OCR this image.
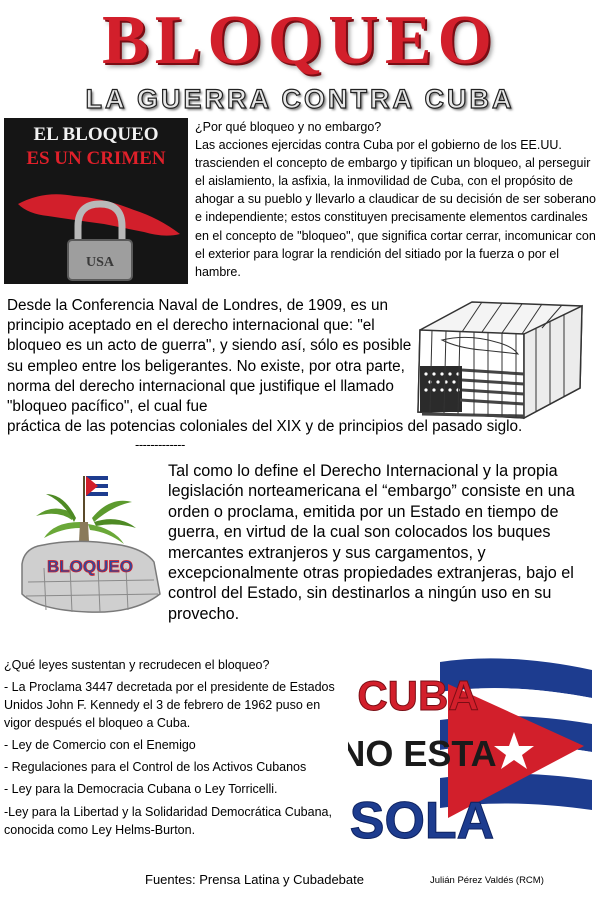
BLOQUEO
LA GUERRA CONTRA CUBA
EL BLOQUEO
ES UN CRIMEN
USA

¿Por qué bloqueo y no embargo?

Las acciones ejercidas contra Cuba por el gobierno de los EE.UU. trascienden el concepto de embargo y tipifican un bloqueo, al perseguir el aislamiento, la asfixia, la inmovilidad de Cuba, con el propósito de ahogar a su pueblo y llevarlo a claudicar de su decisión de ser soberano e independiente; estos constituyen precisamente elementos cardinales en el concepto de "bloqueo", que significa cortar cerrar, incomunicar con el exterior para lograr la rendición del sitiado por la fuerza o por el hambre.

Desde la Conferencia Naval de Londres, de 1909, es un principio aceptado en el derecho internacional que: "el bloqueo es un acto de guerra", y siendo así, sólo es posible su empleo entre los beligerantes. No existe, por otra parte, norma del derecho internacional que justifique el llamado "bloqueo pacífico", el cual fue
práctica de las potencias coloniales del XIX y de principios del pasado siglo.
-------------
BLOQUEO
Tal como lo define el Derecho Internacional y la propia legislación norteamericana el “embargo” consiste en una orden o proclama, emitida por un Estado en tiempo de guerra, en virtud de la cual son colocados los buques mercantes extranjeros y sus cargamentos, y excepcionalmente otras propiedades extranjeras, bajo el control del Estado, sin destinarlos a ningún uso en su provecho.
¿Qué leyes sustentan y recrudecen el bloqueo?
- La Proclama 3447 decretada por el presidente de Estados Unidos John F. Kennedy el 3 de febrero de 1962 puso en vigor después el bloqueo a Cuba.
- Ley de Comercio con el Enemigo
- Regulaciones para el Control de los Activos Cubanos
- Ley para la Democracia Cubana o Ley Torricelli.
-Ley para la Libertad y la Solidaridad Democrática Cubana, conocida como Ley Helms-Burton.
CUBA
NO ESTA
SOLA
Fuentes: Prensa Latina y Cubadebate	Julián Pérez Valdés (RCM)
